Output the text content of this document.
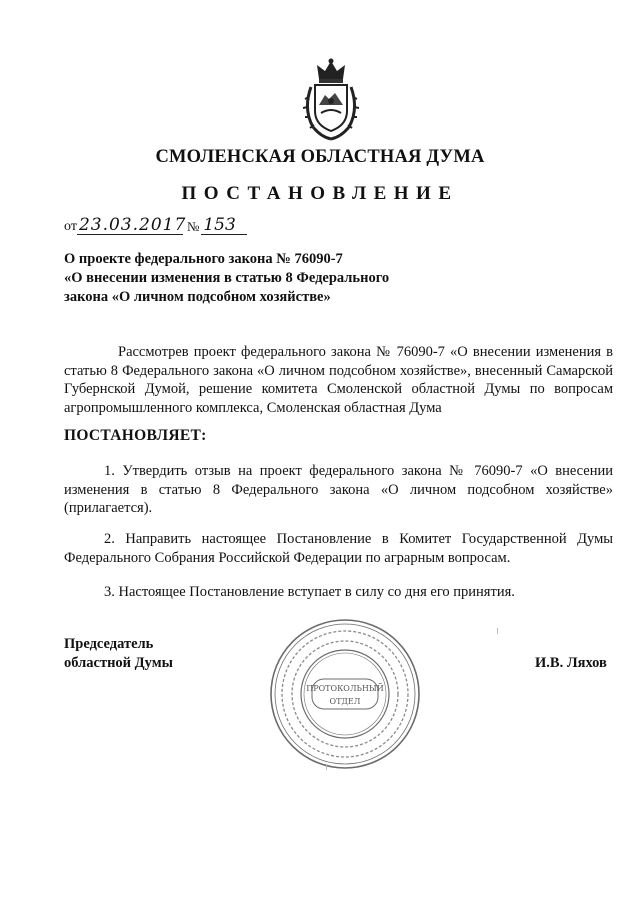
СМОЛЕНСКАЯ ОБЛАСТНАЯ ДУМА
ПОСТАНОВЛЕНИЕ
от 23.03.2017 № 153
О проекте федерального закона № 76090-7
«О внесении изменения в статью 8 Федерального
закона «О личном подсобном хозяйстве»
Рассмотрев проект федерального закона № 76090-7 «О внесении изменения в статью 8 Федерального закона «О личном подсобном хозяйстве», внесенный Самарской Губернской Думой, решение комитета Смоленской областной Думы по вопросам агропромышленного комплекса, Смоленская областная Дума
ПОСТАНОВЛЯЕТ:
1. Утвердить отзыв на проект федерального закона № 76090-7 «О внесении изменения в статью 8 Федерального закона «О личном подсобном хозяйстве» (прилагается).
2. Направить настоящее Постановление в Комитет Государственной Думы Федерального Собрания Российской Федерации по аграрным вопросам.
3. Настоящее Постановление вступает в силу со дня его принятия.
Председатель
областной Думы	И.В. Ляхов
ПРОТОКОЛЬНЫЙ
ОТДЕЛ
